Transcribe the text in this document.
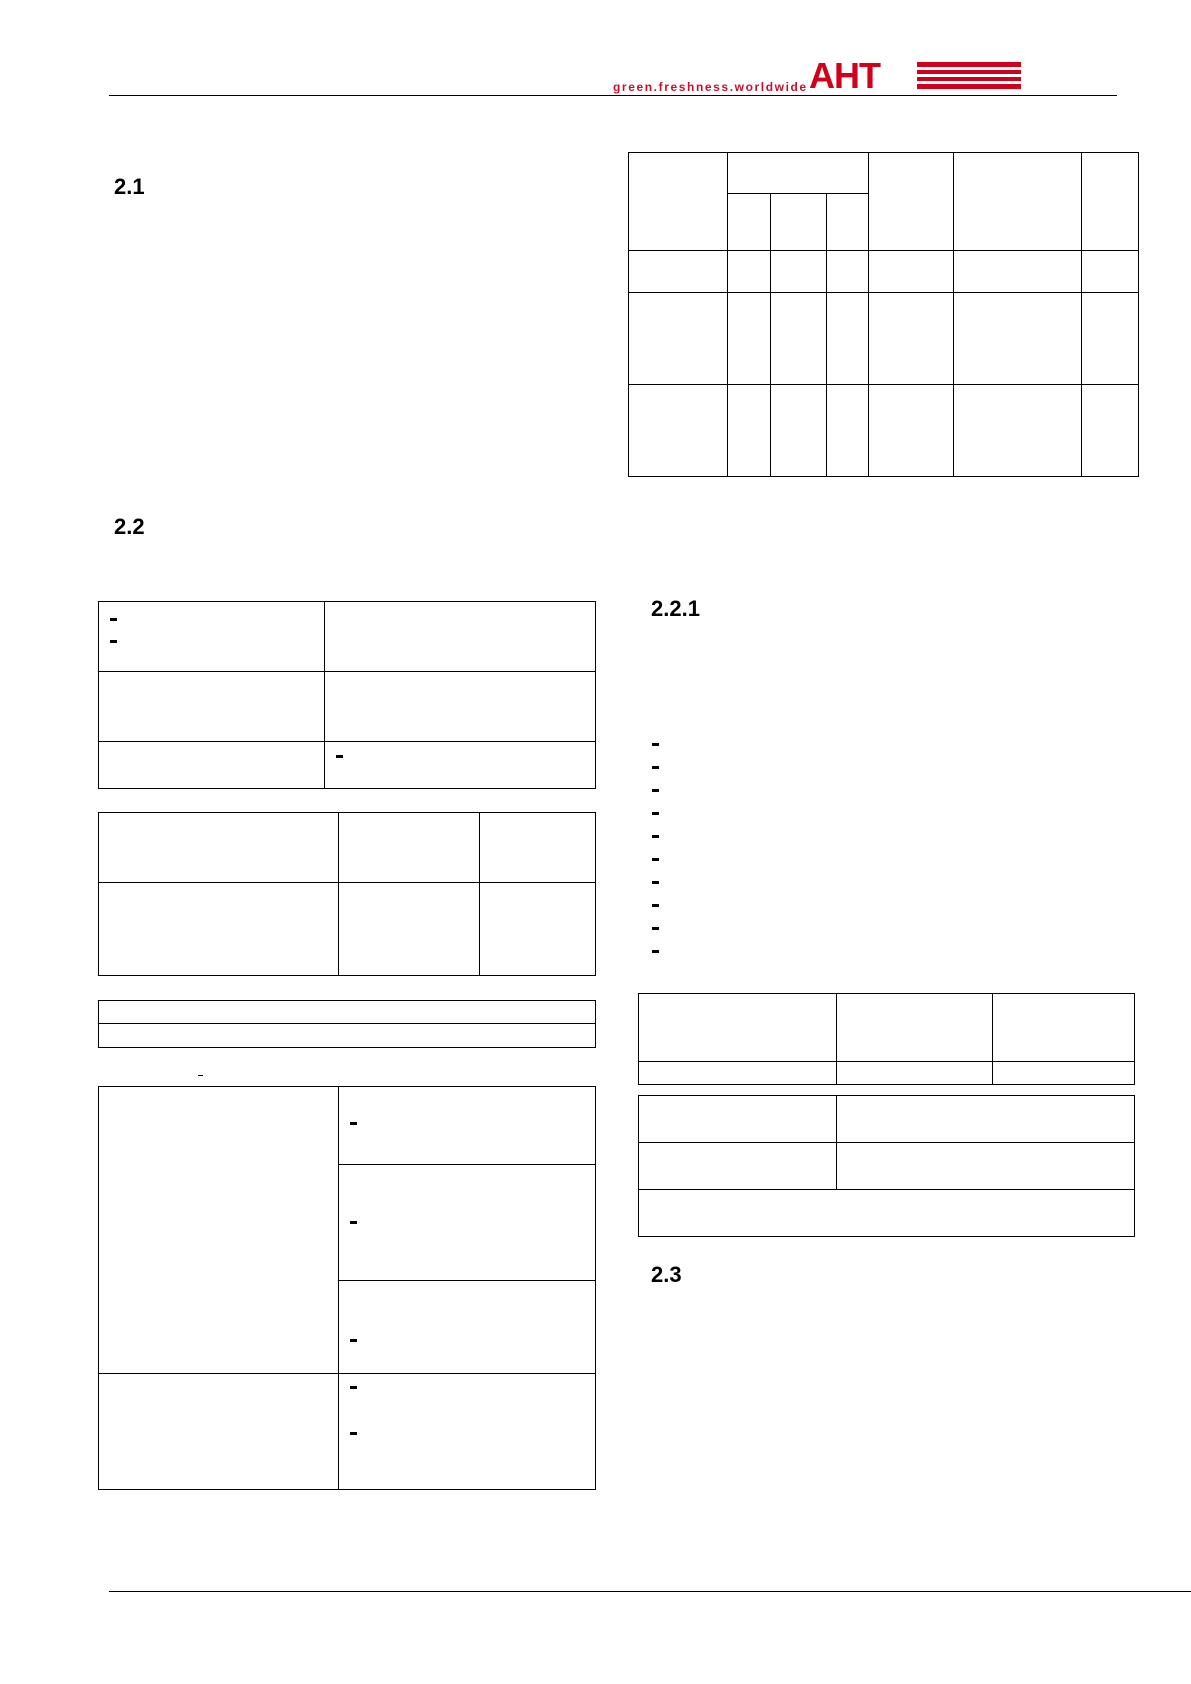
green.freshness.worldwide AHT
2.1
2.2
2.2.1
2.3
